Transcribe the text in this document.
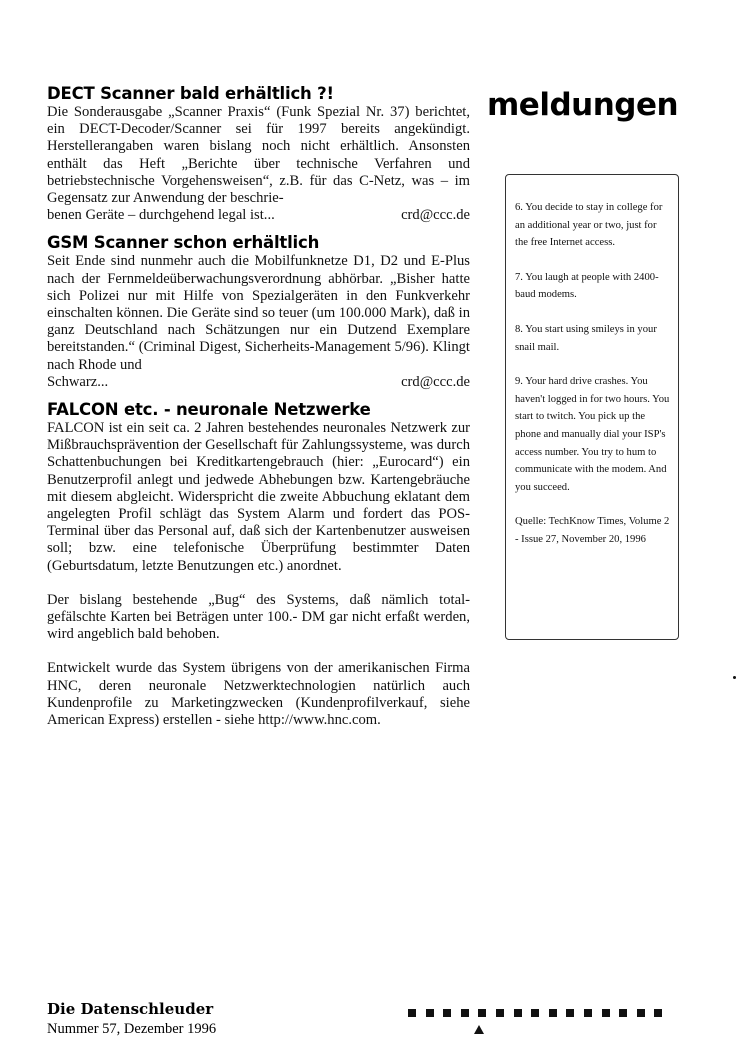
DECT Scanner bald erhältlich ?!

Die Sonderausgabe „Scanner Praxis“ (Funk Spezial Nr. 37) berichtet, ein DECT-Decoder/Scanner sei für 1997 bereits angekündigt. Herstellerangaben waren bislang noch nicht erhältlich. Ansonsten enthält das Heft „Berichte über technische Verfahren und betriebstechnische Vorgehensweisen“, z.B. für das C-Netz, was – im Gegensatz zur Anwendung der beschrie-

benen Geräte – durchgehend legal ist...	crd@ccc.de
GSM Scanner schon erhältlich

Seit Ende sind nunmehr auch die Mobilfunknetze D1, D2 und E-Plus nach der Fernmeldeüberwachungsverordnung abhörbar. „Bisher hatte sich Polizei nur mit Hilfe von Spezialgeräten in den Funkverkehr einschalten können. Die Geräte sind so teuer (um 100.000 Mark), daß in ganz Deutschland nach Schätzungen nur ein Dutzend Exemplare bereitstanden.“ (Criminal Digest, Sicherheits-Management 5/96). Klingt nach Rhode und

Schwarz...	crd@ccc.de
FALCON etc. - neuronale Netzwerke

FALCON ist ein seit ca. 2 Jahren bestehendes neuronales Netzwerk zur Mißbrauchsprävention der Gesellschaft für Zahlungssysteme, was durch Schattenbuchungen bei Kreditkartengebrauch (hier: „Eurocard“) ein Benutzerprofil anlegt und jedwede Abhebungen bzw. Kartengebräuche mit diesem abgleicht. Widerspricht die zweite Abbuchung eklatant dem angelegten Profil schlägt das System Alarm und fordert das POS-Terminal über das Personal auf, daß sich der Kartenbenutzer ausweisen soll; bzw. eine telefonische Überprüfung bestimmter Daten (Geburtsdatum, letzte Benutzungen etc.) anordnet.

Der bislang bestehende „Bug“ des Systems, daß nämlich total-gefälschte Karten bei Beträgen unter 100.- DM gar nicht erfaßt werden, wird angeblich bald behoben.

Entwickelt wurde das System übrigens von der amerikanischen Firma HNC, deren neuronale Netzwerktechnologien natürlich auch Kundenprofile zu Marketingzwecken (Kundenprofilverkauf, siehe American Express) erstellen - siehe http://www.hnc.com.

meldungen

6. You decide to stay in college for an additional year or two, just for the free Internet access.

7. You laugh at people with 2400-baud modems.

8. You start using smileys in your snail mail.

9. Your hard drive crashes. You haven't logged in for two hours. You start to twitch. You pick up the phone and manually dial your ISP's access number. You try to hum to communicate with the modem. And you succeed.

Quelle: TechKnow Times, Volume 2 - Issue 27, November 20, 1996

Die Datenschleuder
Nummer 57, Dezember 1996
